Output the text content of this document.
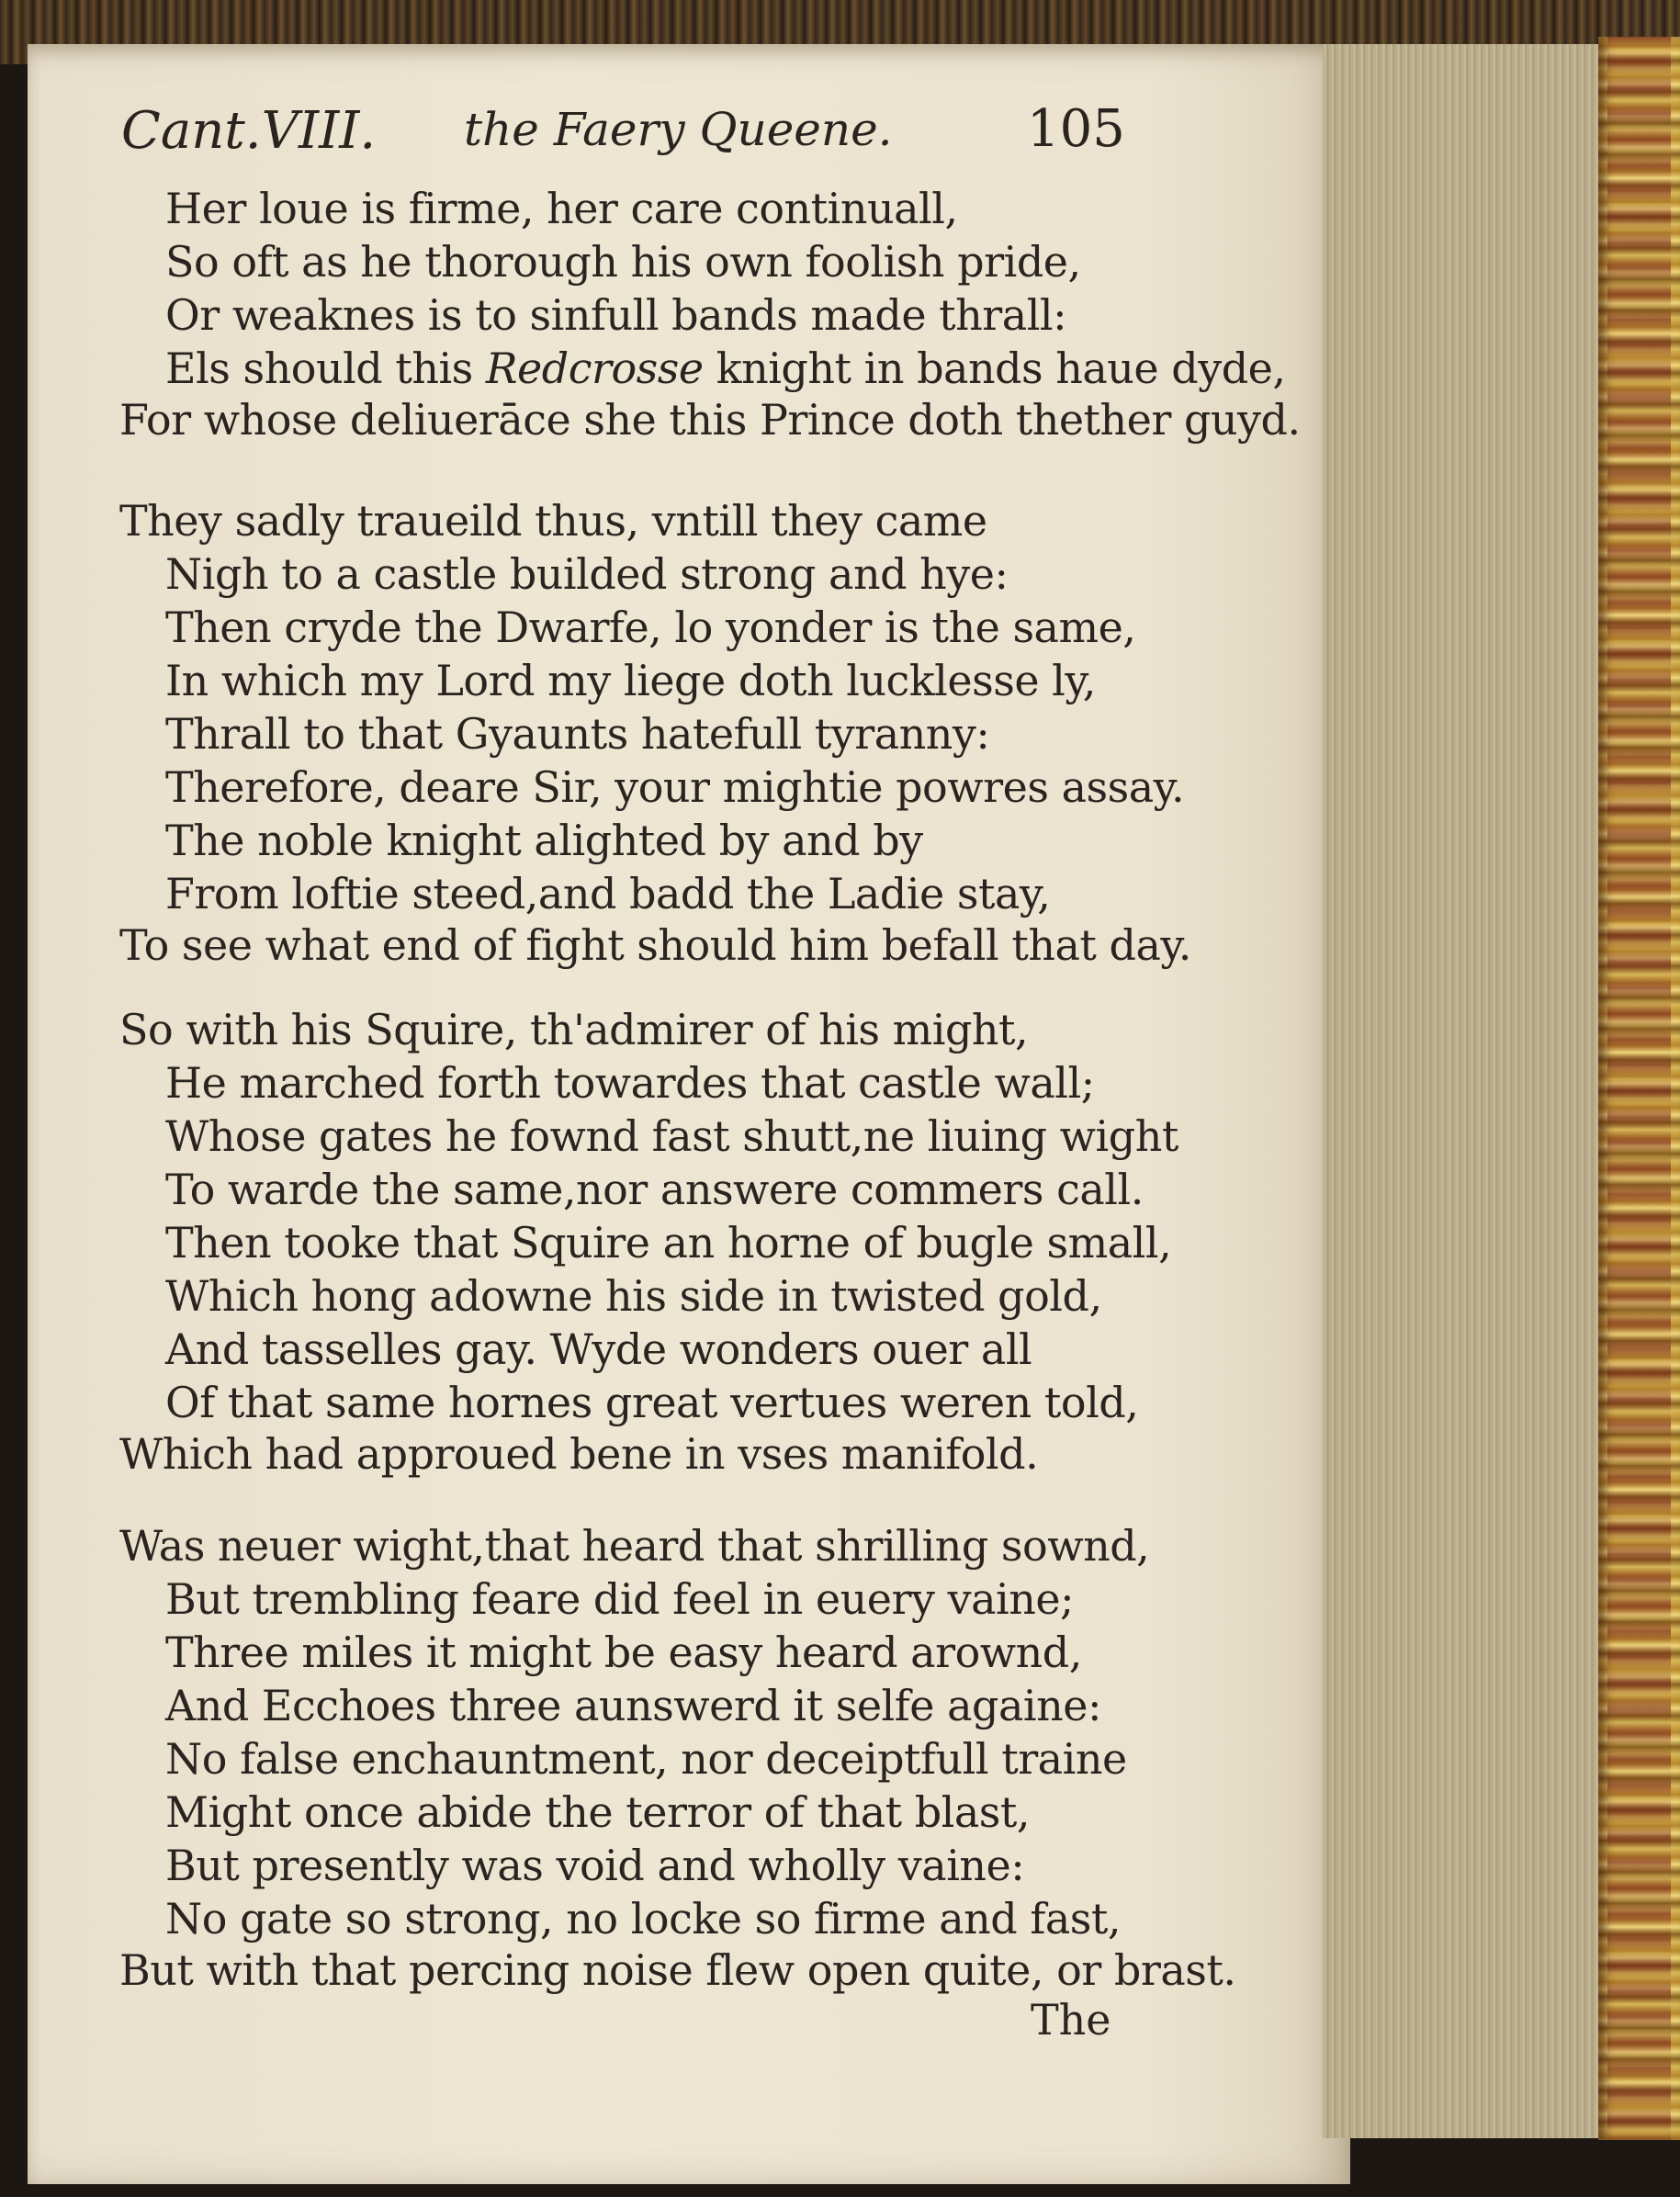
Cant.VIII. the Faery Queene.	105
Her loue is firme, her care continuall,
So oft as he thorough his own foolish pride,
Or weaknes is to sinfull bands made thrall:
Els should this Redcrosse knight in bands haue dyde,
For whose deliuerāce she this Prince doth thether guyd.
They sadly traueild thus, vntill they came
Nigh to a castle builded strong and hye:
Then cryde the Dwarfe, lo yonder is the same,
In which my Lord my liege doth lucklesse ly,
Thrall to that Gyaunts hatefull tyranny:
Therefore, deare Sir, your mightie powres assay.
The noble knight alighted by and by
From loftie steed,and badd the Ladie stay,
To see what end of fight should him befall that day.
So with his Squire, th'admirer of his might,
He marched forth towardes that castle wall;
Whose gates he fownd fast shutt,ne liuing wight
To warde the same,nor answere commers call.
Then tooke that Squire an horne of bugle small,
Which hong adowne his side in twisted gold,
And tassellеs gay. Wyde wonders ouer all
Of that same hornes great vertues weren told,
Which had approued bene in vses manifold.
Was neuer wight,that heard that shrilling sownd,
But trembling feare did feel in euery vaine;
Three miles it might be easy heard arownd,
And Ecchoes three aunswerd it selfe againe:
No false enchauntment, nor deceiptfull traine
Might once abide the terror of that blast,
But presently was void and wholly vaine:
No gate so strong, no locke so firme and fast,
But with that percing noise flew open quite, or brast.
The
